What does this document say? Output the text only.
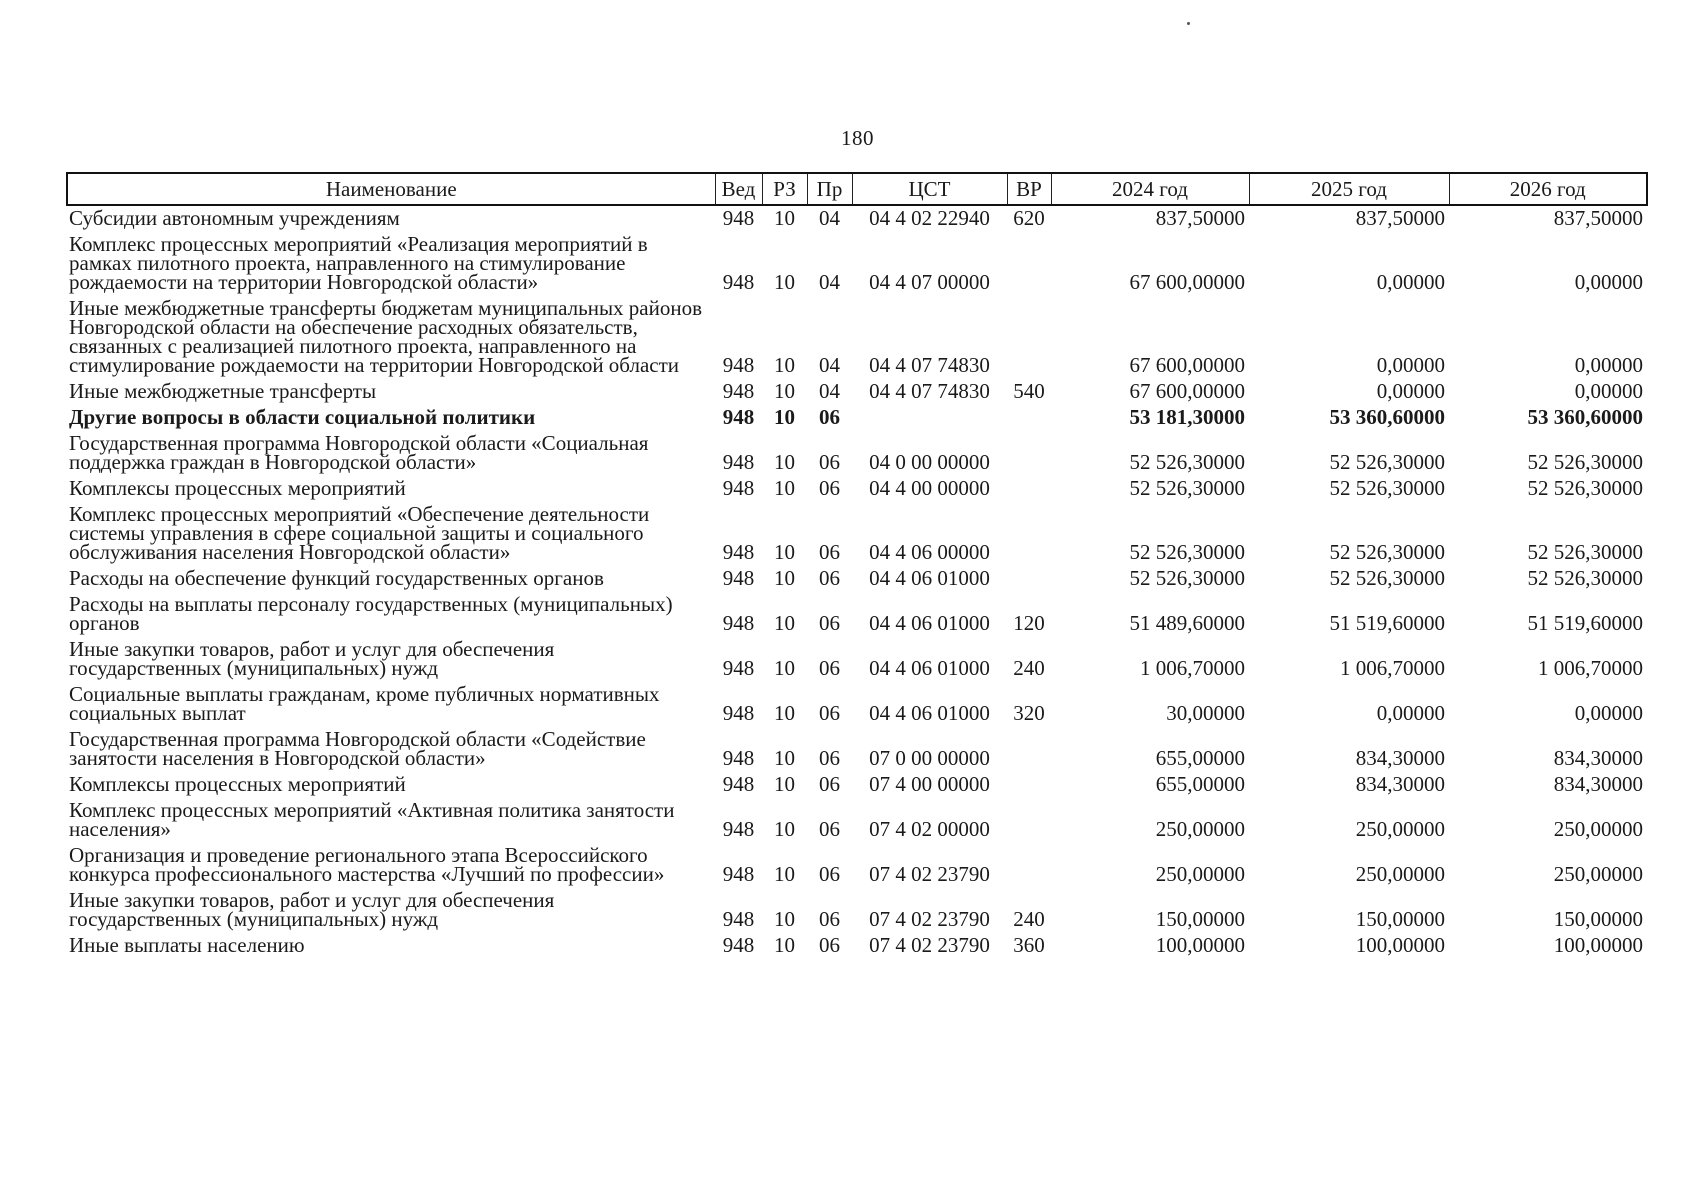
180
Наименование	Вед	РЗ	Пр	ЦСТ	ВР	2024 год	2025 год	2026 год
Субсидии автономным учреждениям	948	10	04	04 4 02 22940	620	837,50000	837,50000	837,50000
Комплекс процессных мероприятий «Реализация мероприятий в рамках пилотного проекта, направленного на стимулирование рождаемости на территории Новгородской области»	948	10	04	04 4 07 00000		67 600,00000	0,00000	0,00000
Иные межбюджетные трансферты бюджетам муниципальных районов Новгородской области на обеспечение расходных обязательств, связанных с реализацией пилотного проекта, направленного на стимулирование рождаемости на территории Новгородской области	948	10	04	04 4 07 74830		67 600,00000	0,00000	0,00000
Иные межбюджетные трансферты	948	10	04	04 4 07 74830	540	67 600,00000	0,00000	0,00000
Другие вопросы в области социальной политики	948	10	06			53 181,30000	53 360,60000	53 360,60000
Государственная программа Новгородской области «Социальная поддержка граждан в Новгородской области»	948	10	06	04 0 00 00000		52 526,30000	52 526,30000	52 526,30000
Комплексы процессных мероприятий	948	10	06	04 4 00 00000		52 526,30000	52 526,30000	52 526,30000
Комплекс процессных мероприятий «Обеспечение деятельности системы управления в сфере социальной защиты и социального обслуживания населения Новгородской области»	948	10	06	04 4 06 00000		52 526,30000	52 526,30000	52 526,30000
Расходы на обеспечение функций государственных органов	948	10	06	04 4 06 01000		52 526,30000	52 526,30000	52 526,30000
Расходы на выплаты персоналу государственных (муниципальных) органов	948	10	06	04 4 06 01000	120	51 489,60000	51 519,60000	51 519,60000
Иные закупки товаров, работ и услуг для обеспечения государственных (муниципальных) нужд	948	10	06	04 4 06 01000	240	1 006,70000	1 006,70000	1 006,70000
Социальные выплаты гражданам, кроме публичных нормативных социальных выплат	948	10	06	04 4 06 01000	320	30,00000	0,00000	0,00000
Государственная программа Новгородской области «Содействие занятости населения в Новгородской области»	948	10	06	07 0 00 00000		655,00000	834,30000	834,30000
Комплексы процессных мероприятий	948	10	06	07 4 00 00000		655,00000	834,30000	834,30000
Комплекс процессных мероприятий «Активная политика занятости населения»	948	10	06	07 4 02 00000		250,00000	250,00000	250,00000
Организация и проведение регионального этапа Всероссийского конкурса профессионального мастерства «Лучший по профессии»	948	10	06	07 4 02 23790		250,00000	250,00000	250,00000
Иные закупки товаров, работ и услуг для обеспечения государственных (муниципальных) нужд	948	10	06	07 4 02 23790	240	150,00000	150,00000	150,00000
Иные выплаты населению	948	10	06	07 4 02 23790	360	100,00000	100,00000	100,00000
